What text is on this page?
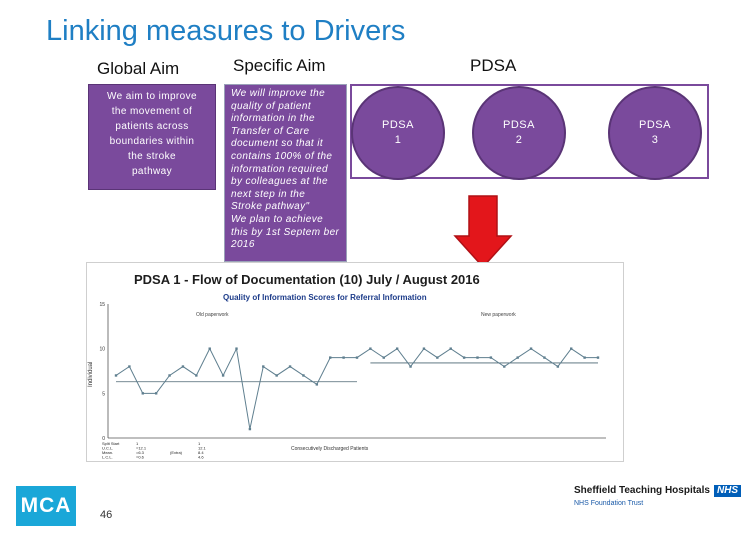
Linking measures to Drivers
Global Aim	Specific Aim	PDSA
We aim to improve
the movement of
patients across
boundaries within
the stroke
pathway
We will improve the
quality of patient
information in the
Transfer of Care
document so that it
contains 100% of the
information required
by colleagues at the
next step in the
Stroke pathway"
We plan to achieve
this by 1st Septem ber
2016
PDSA
1
PDSA
2
PDSA
3
PDSA 1 - Flow of Documentation (10) July / August 2016
Quality of Information Scores for Referral Information
Old paperwork	New paperwork
Individual
Consecutively Discharged Patients
0
5
10
15
Split Start	1	1
U.C.L.	=12.1	12.1
Mean.	=6.3	8.4
L.C.L.	=0.6	4.6
(Extra)
MCA	46
Sheffield Teaching Hospitals NHS
NHS Foundation Trust
